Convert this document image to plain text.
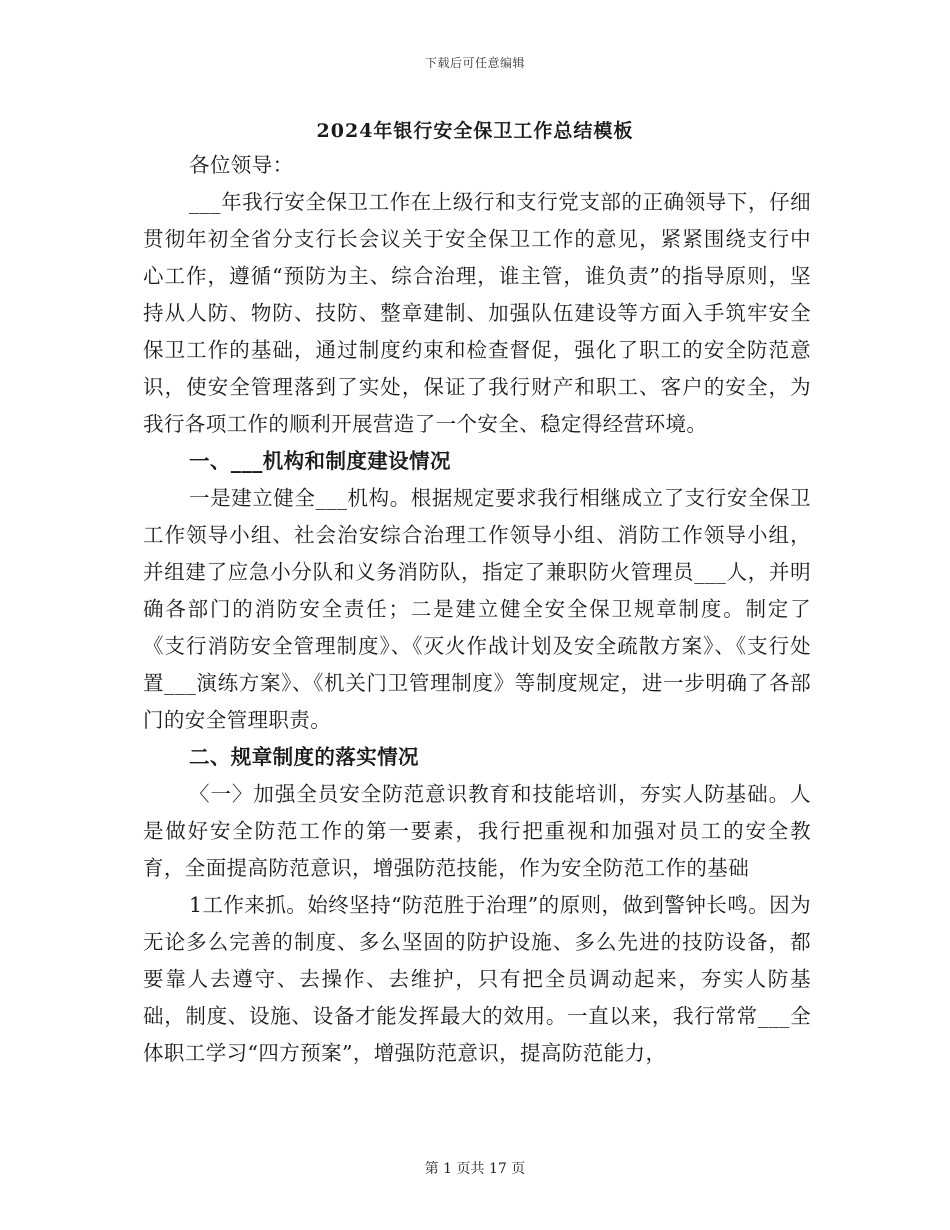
下载后可任意编辑
2024年银行安全保卫工作总结模板

各位领导：

___年我行安全保卫工作在上级行和支行党支部的正确领导下，仔细贯彻年初全省分支行长会议关于安全保卫工作的意见，紧紧围绕支行中心工作，遵循“预防为主、综合治理，谁主管，谁负责”的指导原则，坚持从人防、物防、技防、整章建制、加强队伍建设等方面入手筑牢安全保卫工作的基础，通过制度约束和检查督促，强化了职工的安全防范意识，使安全管理落到了实处，保证了我行财产和职工、客户的安全，为我行各项工作的顺利开展营造了一个安全、稳定得经营环境。

一、___机构和制度建设情况

一是建立健全___机构。根据规定要求我行相继成立了支行安全保卫工作领导小组、社会治安综合治理工作领导小组、消防工作领导小组，并组建了应急小分队和义务消防队，指定了兼职防火管理员___人，并明确各部门的消防安全责任；二是建立健全安全保卫规章制度。制定了《支行消防安全管理制度》、《灭火作战计划及安全疏散方案》、《支行处置___演练方案》、《机关门卫管理制度》等制度规定，进一步明确了各部门的安全管理职责。

二、规章制度的落实情况

〈一〉加强全员安全防范意识教育和技能培训，夯实人防基础。人是做好安全防范工作的第一要素，我行把重视和加强对员工的安全教育，全面提高防范意识，增强防范技能，作为安全防范工作的基础

1工作来抓。始终坚持“防范胜于治理”的原则，做到警钟长鸣。因为无论多么完善的制度、多么坚固的防护设施、多么先进的技防设备，都要靠人去遵守、去操作、去维护，只有把全员调动起来，夯实人防基础，制度、设施、设备才能发挥最大的效用。一直以来，我行常常___全体职工学习“四方预案”，增强防范意识，提高防范能力，

第 1 页共 17 页
